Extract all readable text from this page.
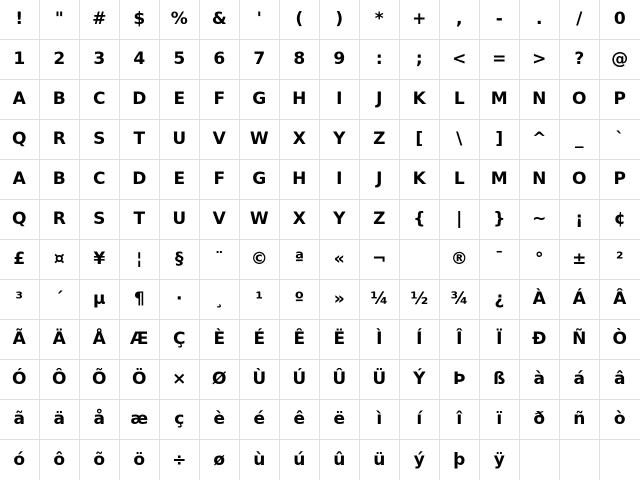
!	"	#	$	%	&	'	(	)	*	+	,	-	.	/	0
1	2	3	4	5	6	7	8	9	:	;	<	=	>	?	@
A	B	C	D	E	F	G	H	I	J	K	L	M	N	O	P
Q	R	S	T	U	V	W	X	Y	Z	[	\	]	^	_	`
A	B	C	D	E	F	G	H	I	J	K	L	M	N	O	P
Q	R	S	T	U	V	W	X	Y	Z	{	|	}	~	¡	¢
£	¤	¥	¦	§	¨	©	ª	«	¬	®	¯	°	±	²
³	´	µ	¶	·	¸	¹	º	»	¼	½	¾	¿	À	Á	Â
Ã	Ä	Å	Æ	Ç	È	É	Ê	Ë	Ì	Í	Î	Ï	Ð	Ñ	Ò
Ó	Ô	Õ	Ö	×	Ø	Ù	Ú	Û	Ü	Ý	Þ	ß	à	á	â
ã	ä	å	æ	ç	è	é	ê	ë	ì	í	î	ï	ð	ñ	ò
ó	ô	õ	ö	÷	ø	ù	ú	û	ü	ý	þ	ÿ
